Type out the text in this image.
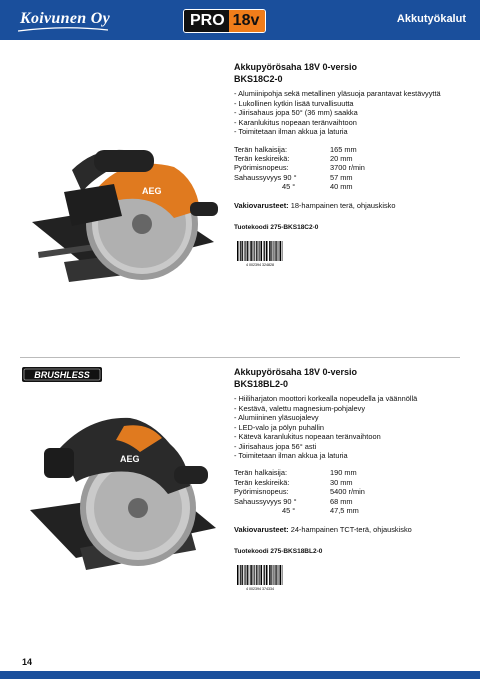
Koivunen Oy	PRO 18v	Akkutyökalut
AEG
Akkupyörösaha 18V 0-versio
BKS18C2-0
- Alumiinipohja sekä metallinen yläsuoja parantavat kestävyyttä
- Lukollinen kytkin lisää turvallisuutta
- Jiirisahaus jopa 50° (36 mm) saakka
- Karanlukitus nopeaan teränvaihtoon
- Toimitetaan ilman akkua ja laturia
Terän halkaisija:	165 mm
Terän keskireikä:	20 mm
Pyörimisnopeus:	3700 r/min
Sahaussyvyys 90 °	57 mm
45 °	40 mm
Vakiovarusteet: 18-hampainen terä, ohjauskisko
Tuotekoodi 275-BKS18C2-0
4 002394 324828
BRUSHLESS
AEG
Akkupyörösaha 18V 0-versio
BKS18BL2-0
- Hiiliharjaton moottori korkealla nopeudella ja väännöllä
- Kestävä, valettu magnesium-pohjalevy
- Alumiininen yläsuojalevy
- LED-valo ja pölyn puhallin
- Kätevä karanlukitus nopeaan teränvaihtoon
- Jiirisahaus jopa 56° asti
- Toimitetaan ilman akkua ja laturia
Terän halkaisija:	190 mm
Terän keskireikä:	30 mm
Pyörimisnopeus:	5400 r/min
Sahaussyvyys 90 °	68 mm
45 °	47,5 mm
Vakiovarusteet: 24-hampainen TCT-terä, ohjauskisko
Tuotekoodi 275-BKS18BL2-0
4 002394 374334
14
